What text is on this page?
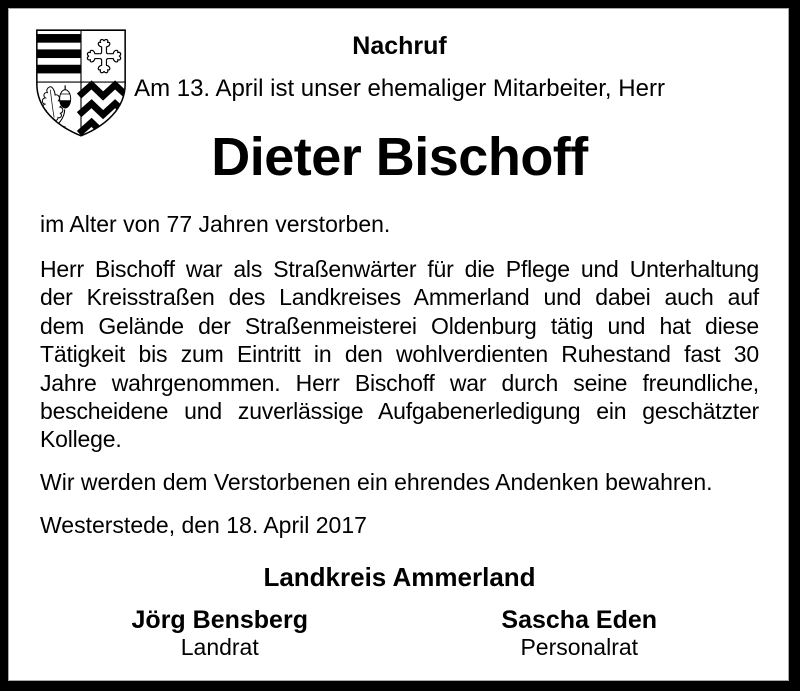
Nachruf
Am 13. April ist unser ehemaliger Mitarbeiter, Herr
Dieter Bischoff
im Alter von 77 Jahren verstorben.
Herr Bischoff war als Straßenwärter für die Pflege und Unterhaltung
der Kreisstraßen des Landkreises Ammerland und dabei auch auf
dem Gelände der Straßenmeisterei Oldenburg tätig und hat diese
Tätigkeit bis zum Eintritt in den wohlverdienten Ruhestand fast 30
Jahre wahrgenommen. Herr Bischoff war durch seine freundliche,
bescheidene und zuverlässige Aufgabenerledigung ein geschätzter
Kollege.
Wir werden dem Verstorbenen ein ehrendes Andenken bewahren.
Westerstede, den 18. April 2017
Landkreis Ammerland
Jörg Bensberg
Landrat
Sascha Eden
Personalrat
